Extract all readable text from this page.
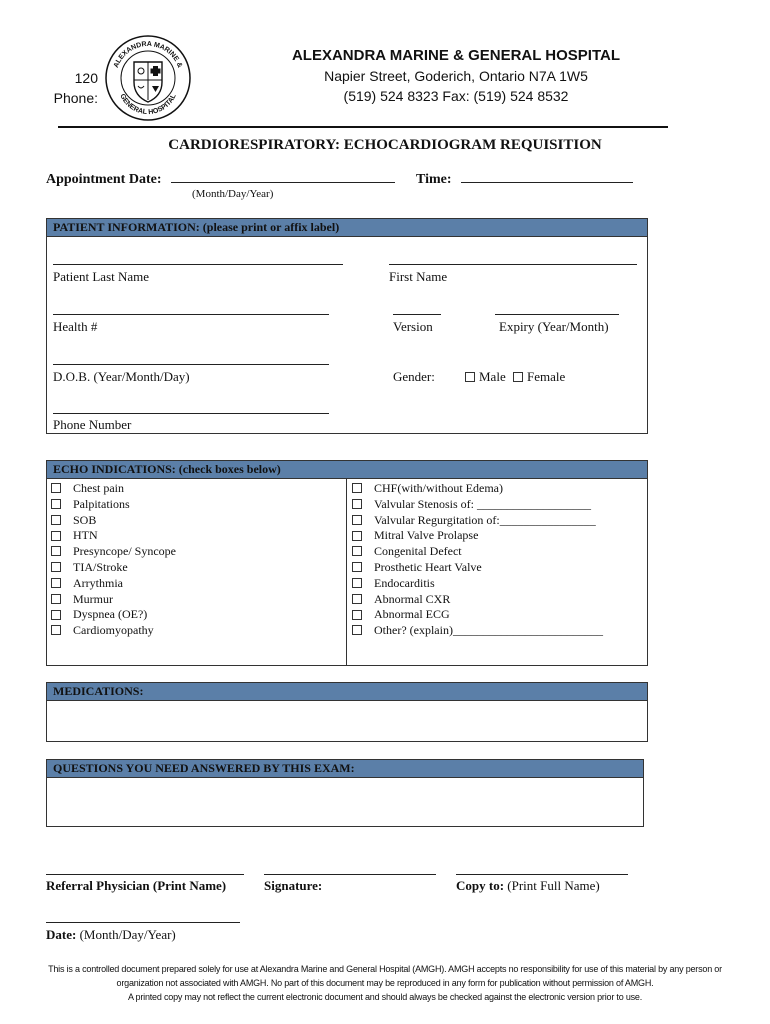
120
Phone:
ALEXANDRA MARINE &
GENERAL HOSPITAL
ALEXANDRA MARINE & GENERAL HOSPITAL
Napier Street, Goderich, Ontario N7A 1W5
(519) 524 8323 Fax: (519) 524 8532
CARDIORESPIRATORY: ECHOCARDIOGRAM REQUISITION
Appointment Date:
(Month/Day/Year)
Time:
PATIENT INFORMATION: (please print or affix label)
Patient Last Name	First Name
Health #	Version	Expiry (Year/Month)
D.O.B. (Year/Month/Day)	Gender:	Male	Female
Phone Number
ECHO INDICATIONS: (check boxes below)
Chest pain
Palpitations
SOB
HTN
Presyncope/ Syncope
TIA/Stroke
Arrythmia
Murmur
Dyspnea (OE?)
Cardiomyopathy
CHF(with/without Edema)
Valvular Stenosis of: ___________________
Valvular Regurgitation of:________________
Mitral Valve Prolapse
Congenital Defect
Prosthetic Heart Valve
Endocarditis
Abnormal CXR
Abnormal ECG
Other? (explain)_________________________
MEDICATIONS:
QUESTIONS YOU NEED ANSWERED BY THIS EXAM:
Referral Physician (Print Name)	Signature:	Copy to: (Print Full Name)
Date: (Month/Day/Year)
This is a controlled document prepared solely for use at Alexandra Marine and General Hospital (AMGH). AMGH accepts no responsibility for use of this material by any person or
organization not associated with AMGH. No part of this document may be reproduced in any form for publication without permission of AMGH.
A printed copy may not reflect the current electronic document and should always be checked against the electronic version prior to use.
